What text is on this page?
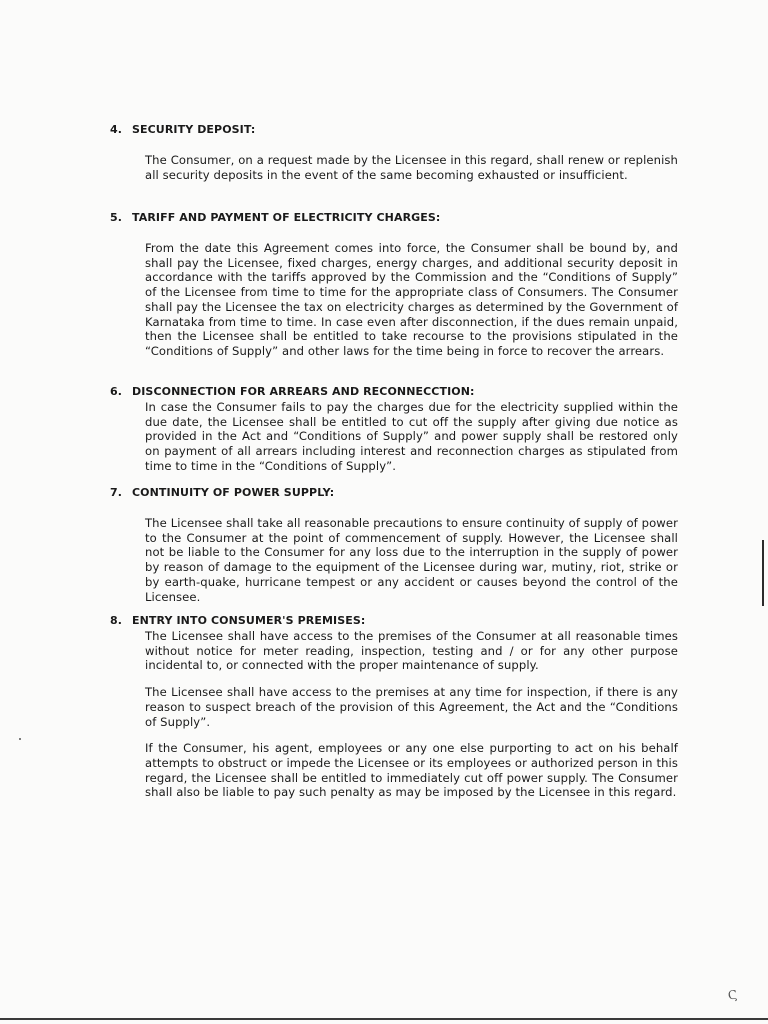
4. SECURITY DEPOSIT:
The Consumer, on a request made by the Licensee in this regard, shall renew or replenish all security deposits in the event of the same becoming exhausted or insufficient.
5. TARIFF AND PAYMENT OF ELECTRICITY CHARGES:
From the date this Agreement comes into force, the Consumer shall be bound by, and shall pay the Licensee, fixed charges, energy charges, and additional security deposit in accordance with the tariffs approved by the Commission and the “Conditions of Supply” of the Licensee from time to time for the appropriate class of Consumers. The Consumer shall pay the Licensee the tax on electricity charges as determined by the Government of Karnataka from time to time. In case even after disconnection, if the dues remain unpaid, then the Licensee shall be entitled to take recourse to the provisions stipulated in the “Conditions of Supply” and other laws for the time being in force to recover the arrears.
6. DISCONNECTION FOR ARREARS AND RECONNECCTION:
In case the Consumer fails to pay the charges due for the electricity supplied within the due date, the Licensee shall be entitled to cut off the supply after giving due notice as provided in the Act and “Conditions of Supply” and power supply shall be restored only on payment of all arrears including interest and reconnection charges as stipulated from time to time in the “Conditions of Supply”.
7. CONTINUITY OF POWER SUPPLY:
The Licensee shall take all reasonable precautions to ensure continuity of supply of power to the Consumer at the point of commencement of supply. However, the Licensee shall not be liable to the Consumer for any loss due to the interruption in the supply of power by reason of damage to the equipment of the Licensee during war, mutiny, riot, strike or by earth-quake, hurricane tempest or any accident or causes beyond the control of the Licensee.
8. ENTRY INTO CONSUMER'S PREMISES:
The Licensee shall have access to the premises of the Consumer at all reasonable times without notice for meter reading, inspection, testing and / or for any other purpose incidental to, or connected with the proper maintenance of supply.
The Licensee shall have access to the premises at any time for inspection, if there is any reason to suspect breach of the provision of this Agreement, the Act and the “Conditions of Supply”.
If the Consumer, his agent, employees or any one else purporting to act on his behalf attempts to obstruct or impede the Licensee or its employees or authorized person in this regard, the Licensee shall be entitled to immediately cut off power supply. The Consumer shall also be liable to pay such penalty as may be imposed by the Licensee in this regard.
Ϛ
